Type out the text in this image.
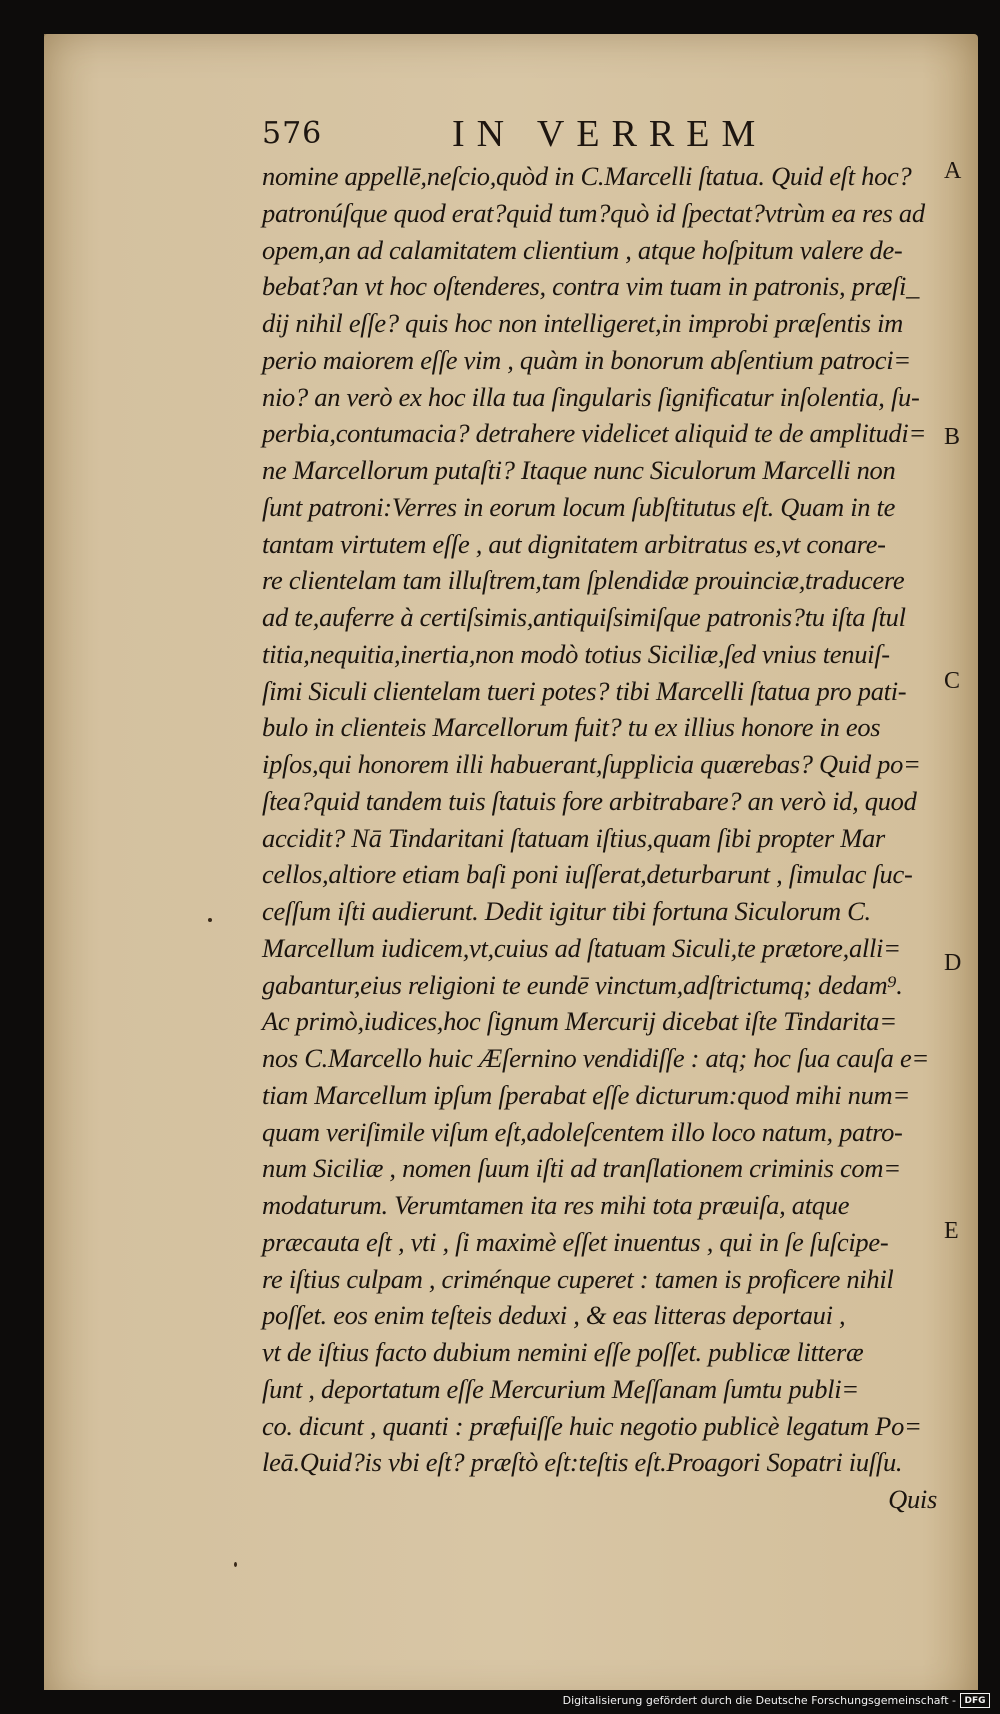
576	IN VERREM
nomine appellē,neſcio,quòd in C.Marcelli ſtatua. Quid eſt hoc?
patronúſque quod erat?quid tum?quò id ſpectat?vtrùm ea res ad
opem,an ad calamitatem clientium , atque hoſpitum valere de-
bebat?an vt hoc oſtenderes, contra vim tuam in patronis, præſi_
dij nihil eſſe? quis hoc non intelligeret,in improbi præſentis im
perio maiorem eſſe vim , quàm in bonorum abſentium patroci=
nio? an verò ex hoc illa tua ſingularis ſignificatur inſolentia, ſu-
perbia,contumacia? detrahere videlicet aliquid te de amplitudi=
ne Marcellorum putaſti? Itaque nunc Siculorum Marcelli non
ſunt patroni:Verres in eorum locum ſubſtitutus eſt. Quam in te
tantam virtutem eſſe , aut dignitatem arbitratus es,vt conare-
re clientelam tam illuſtrem,tam ſplendidæ prouinciæ,traducere
ad te,auferre à certiſsimis,antiquiſsimiſque patronis?tu iſta ſtul
titia,nequitia,inertia,non modò totius Siciliæ,ſed vnius tenuiſ-
ſimi Siculi clientelam tueri potes? tibi Marcelli ſtatua pro pati-
bulo in clienteis Marcellorum fuit? tu ex illius honore in eos
ipſos,qui honorem illi habuerant,ſupplicia quærebas? Quid po=
ſtea?quid tandem tuis ſtatuis fore arbitrabare? an verò id, quod
accidit? Nā Tindaritani ſtatuam iſtius,quam ſibi propter Mar
cellos,altiore etiam baſi poni iuſſerat,deturbarunt , ſimulac ſuc-
ceſſum iſti audierunt. Dedit igitur tibi fortuna Siculorum C.
Marcellum iudicem,vt,cuius ad ſtatuam Siculi,te prætore,alli=
gabantur,eius religioni te eundē vinctum,adſtrictumq; dedam⁹.
Ac primò,iudices,hoc ſignum Mercurij dicebat iſte Tindarita=
nos C.Marcello huic Æſernino vendidiſſe : atq; hoc ſua cauſa e=
tiam Marcellum ipſum ſperabat eſſe dicturum:quod mihi num=
quam veriſimile viſum eſt,adoleſcentem illo loco natum, patro-
num Siciliæ , nomen ſuum iſti ad tranſlationem criminis com=
modaturum. Verumtamen ita res mihi tota præuiſa, atque
præcauta eſt , vti , ſi maximè eſſet inuentus , qui in ſe ſuſcipe-
re iſtius culpam , criménque cuperet : tamen is proficere nihil
poſſet. eos enim teſteis deduxi , & eas litteras deportaui ,
vt de iſtius facto dubium nemini eſſe poſſet. publicæ litteræ
ſunt , deportatum eſſe Mercurium Meſſanam ſumtu publi=
co. dicunt , quanti : præfuiſſe huic negotio publicè legatum Po=
leā.Quid?is vbi eſt? præſtò eſt:teſtis eſt.Proagori Sopatri iuſſu.
Quis
A
B
C
D
E
Digitalisierung gefördert durch die Deutsche Forschungsgemeinschaft - DFG
